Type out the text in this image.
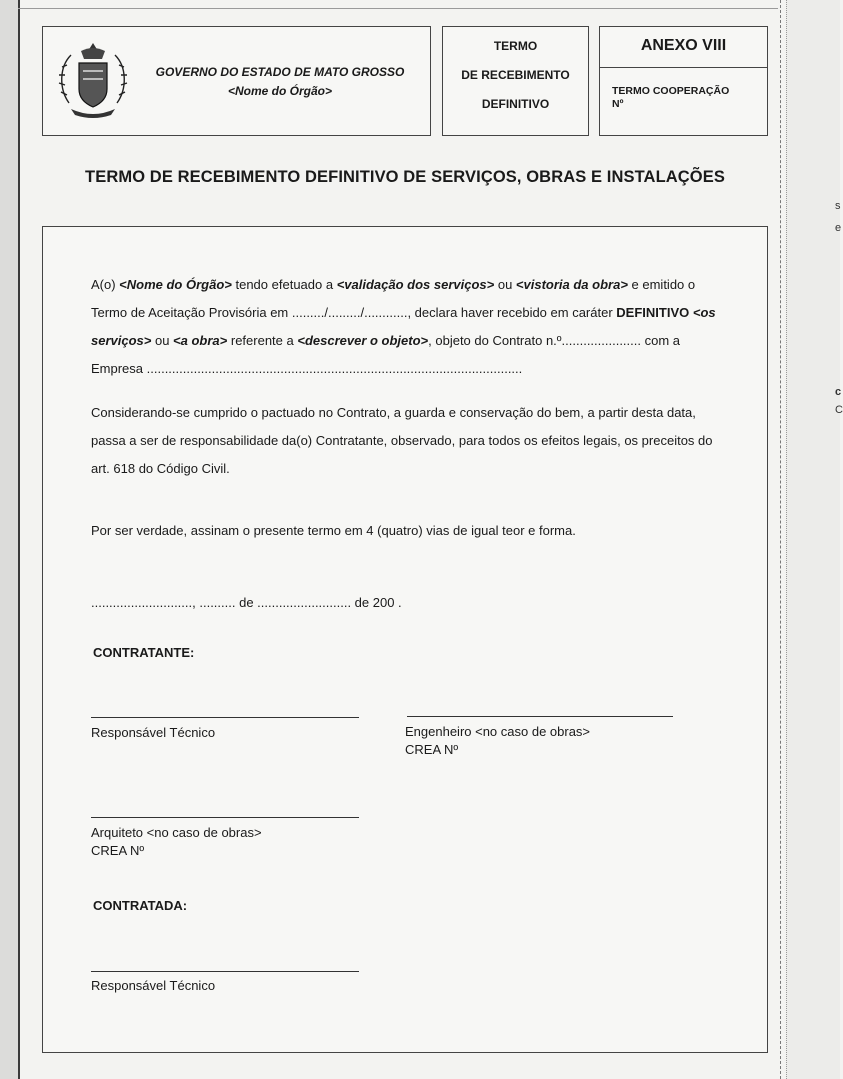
s
e
c
C
GOVERNO DO ESTADO DE MATO GROSSO
<Nome do Órgão>
TERMO
DE RECEBIMENTO
DEFINITIVO
ANEXO VIII
TERMO COOPERAÇÃO
Nº
TERMO DE RECEBIMENTO DEFINITIVO DE SERVIÇOS, OBRAS E INSTALAÇÕES
A(o) <Nome do Órgão> tendo efetuado a <validação dos serviços> ou <vistoria da obra> e emitido o Termo de Aceitação Provisória em ........./........./............, declara haver recebido em caráter DEFINITIVO <os serviços> ou <a obra> referente a <descrever o objeto>, objeto do Contrato n.º...................... com a Empresa ........................................................................................................
Considerando-se cumprido o pactuado no Contrato, a guarda e conservação do bem, a partir desta data, passa a ser de responsabilidade da(o) Contratante, observado, para todos os efeitos legais, os preceitos do art. 618 do Código Civil.
Por ser verdade, assinam o presente termo em 4 (quatro) vias de igual teor e forma.
............................, .......... de .......................... de 200 .
CONTRATANTE:
Responsável Técnico	Engenheiro <no caso de obras>
CREA Nº
Arquiteto <no caso de obras>
CREA Nº
CONTRATADA:
Responsável Técnico
